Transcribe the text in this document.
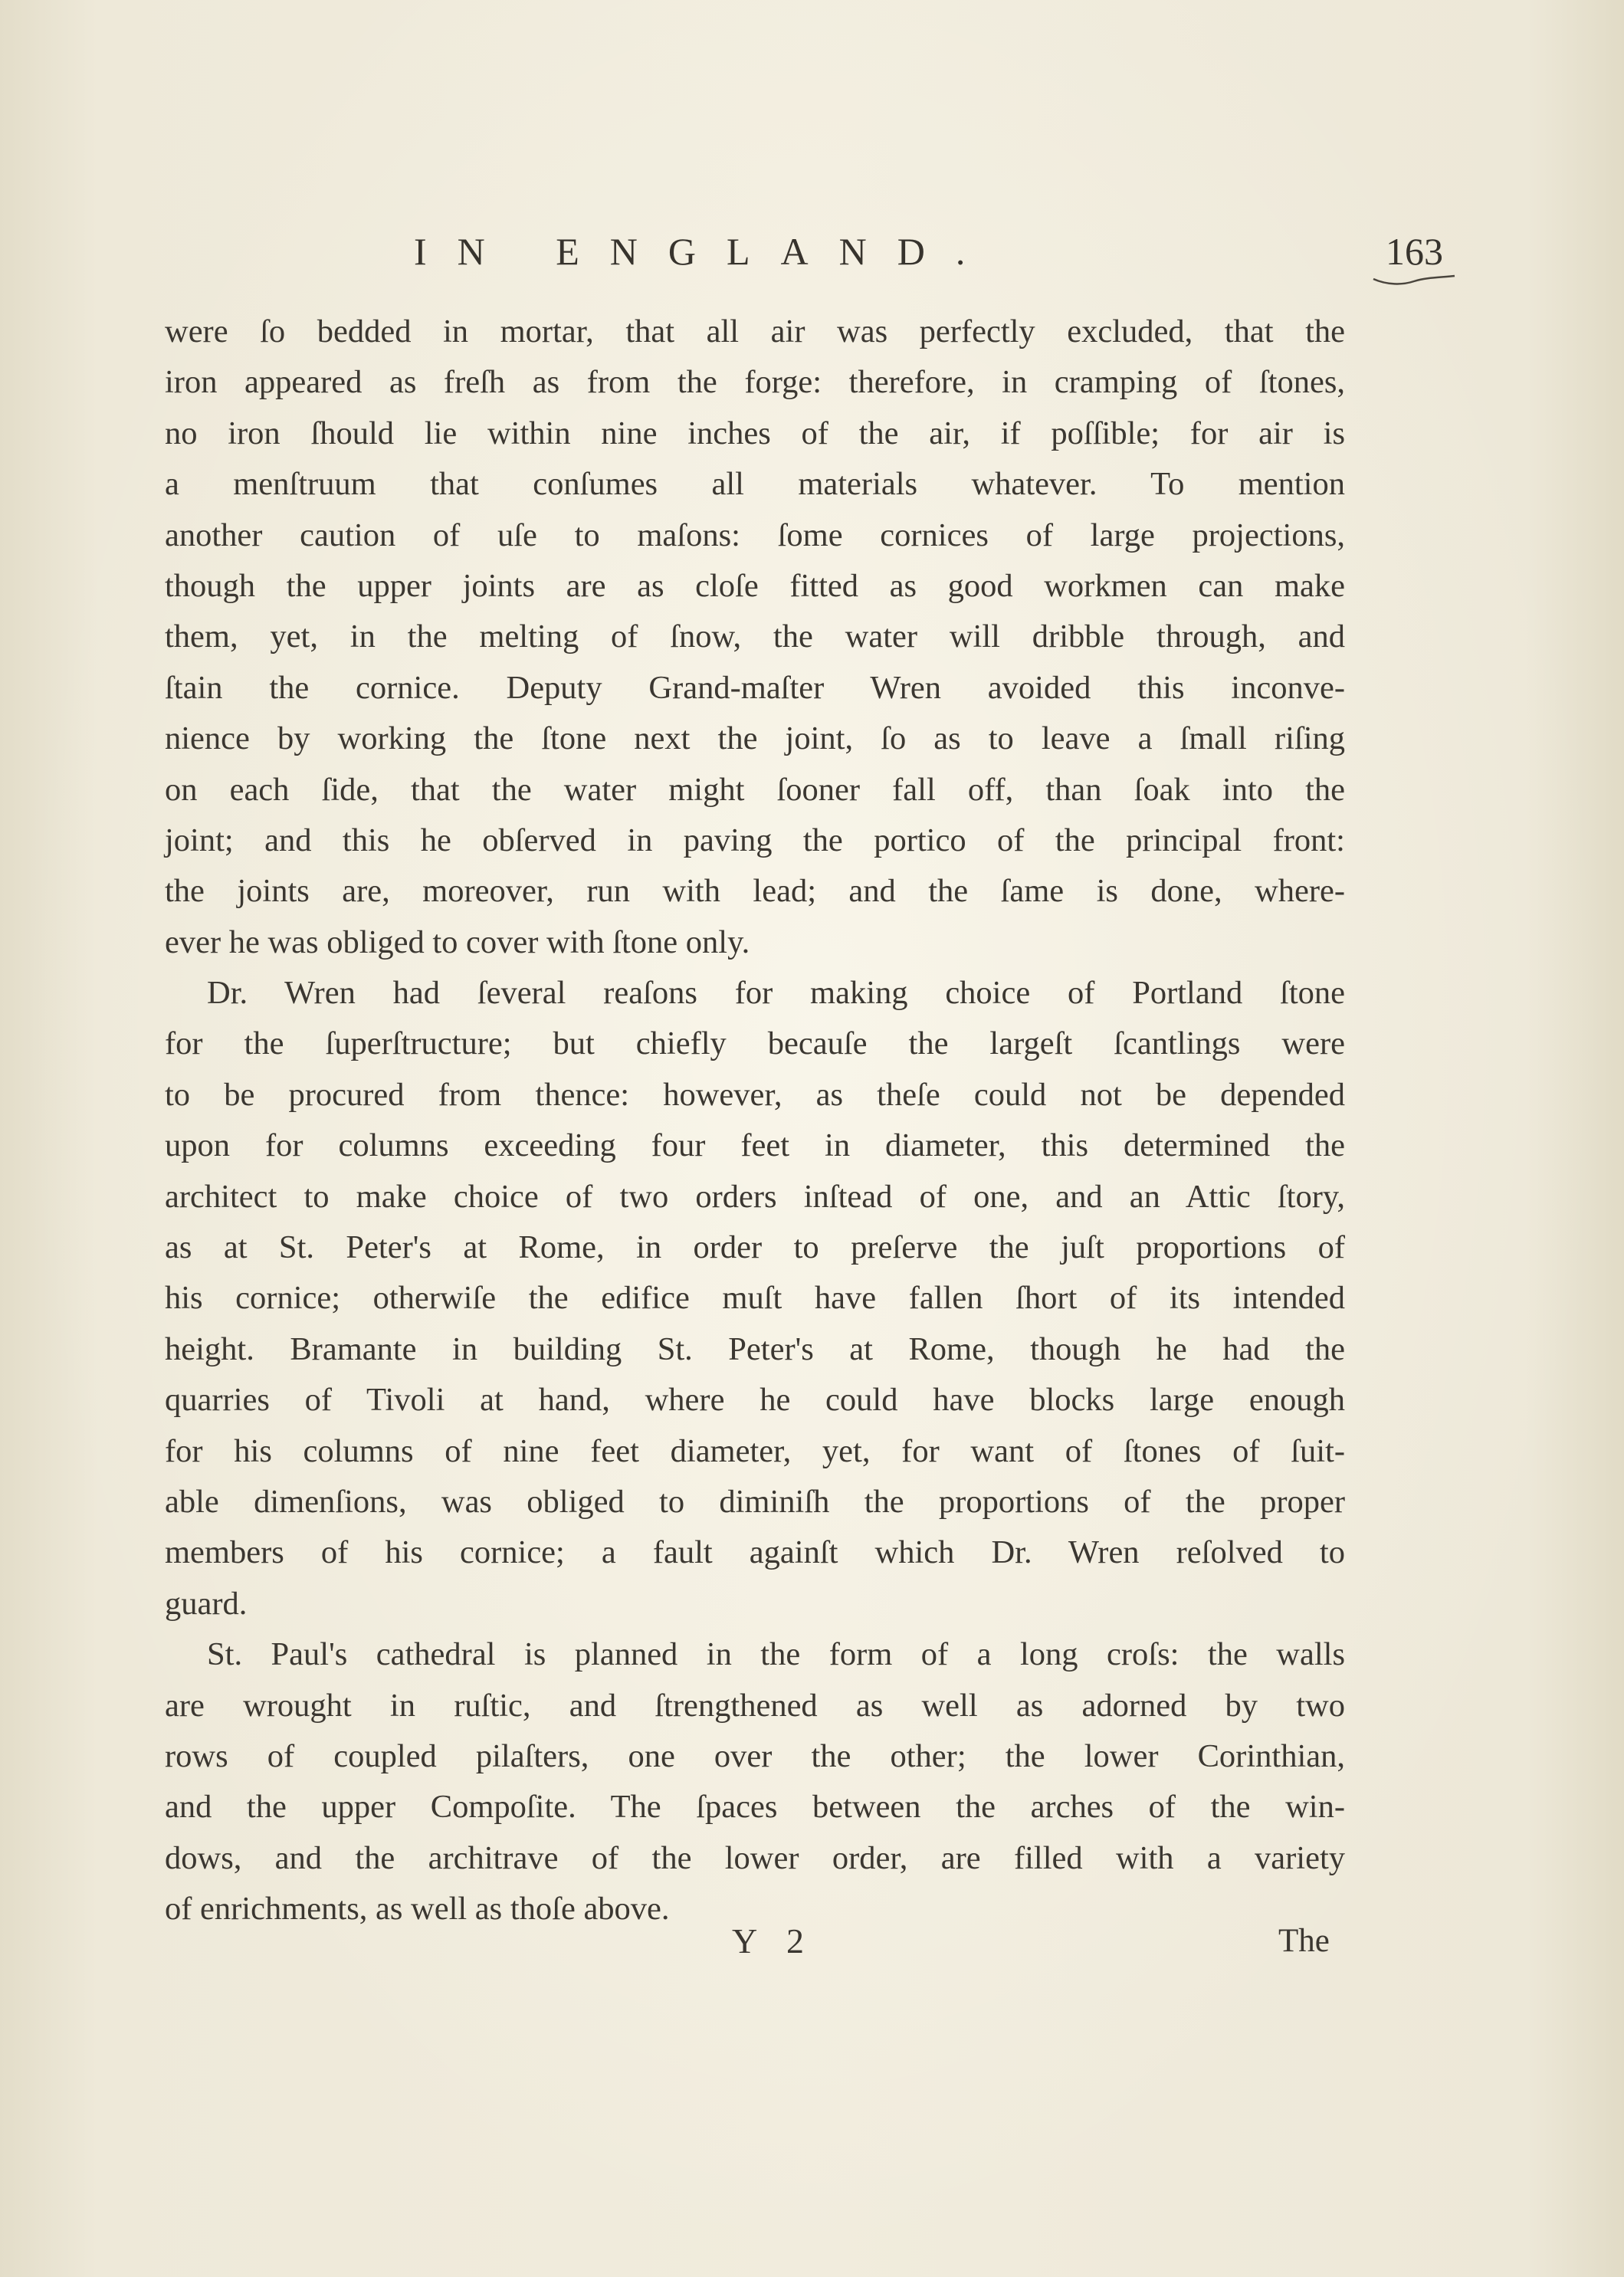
IN ENGLAND.	163
were ſo bedded in mortar, that all air was perfectly excluded, that the
iron appeared as freſh as from the forge: therefore, in cramping of ſtones,
no iron ſhould lie within nine inches of the air, if poſſible; for air is
a menſtruum that conſumes all materials whatever. To mention
another caution of uſe to maſons: ſome cornices of large projections,
though the upper joints are as cloſe fitted as good workmen can make
them, yet, in the melting of ſnow, the water will dribble through, and
ſtain the cornice. Deputy Grand-maſter Wren avoided this inconve-
nience by working the ſtone next the joint, ſo as to leave a ſmall riſing
on each ſide, that the water might ſooner fall off, than ſoak into the
joint; and this he obſerved in paving the portico of the principal front:
the joints are, moreover, run with lead; and the ſame is done, where-
ever he was obliged to cover with ſtone only.
Dr. Wren had ſeveral reaſons for making choice of Portland ſtone
for the ſuperſtructure; but chiefly becauſe the largeſt ſcantlings were
to be procured from thence: however, as theſe could not be depended
upon for columns exceeding four feet in diameter, this determined the
architect to make choice of two orders inſtead of one, and an Attic ſtory,
as at St. Peter's at Rome, in order to preſerve the juſt proportions of
his cornice; otherwiſe the edifice muſt have fallen ſhort of its intended
height. Bramante in building St. Peter's at Rome, though he had the
quarries of Tivoli at hand, where he could have blocks large enough
for his columns of nine feet diameter, yet, for want of ſtones of ſuit-
able dimenſions, was obliged to diminiſh the proportions of the proper
members of his cornice; a fault againſt which Dr. Wren reſolved to
guard.
St. Paul's cathedral is planned in the form of a long croſs: the walls
are wrought in ruſtic, and ſtrengthened as well as adorned by two
rows of coupled pilaſters, one over the other; the lower Corinthian,
and the upper Compoſite. The ſpaces between the arches of the win-
dows, and the architrave of the lower order, are filled with a variety
of enrichments, as well as thoſe above.
Y 2	The
